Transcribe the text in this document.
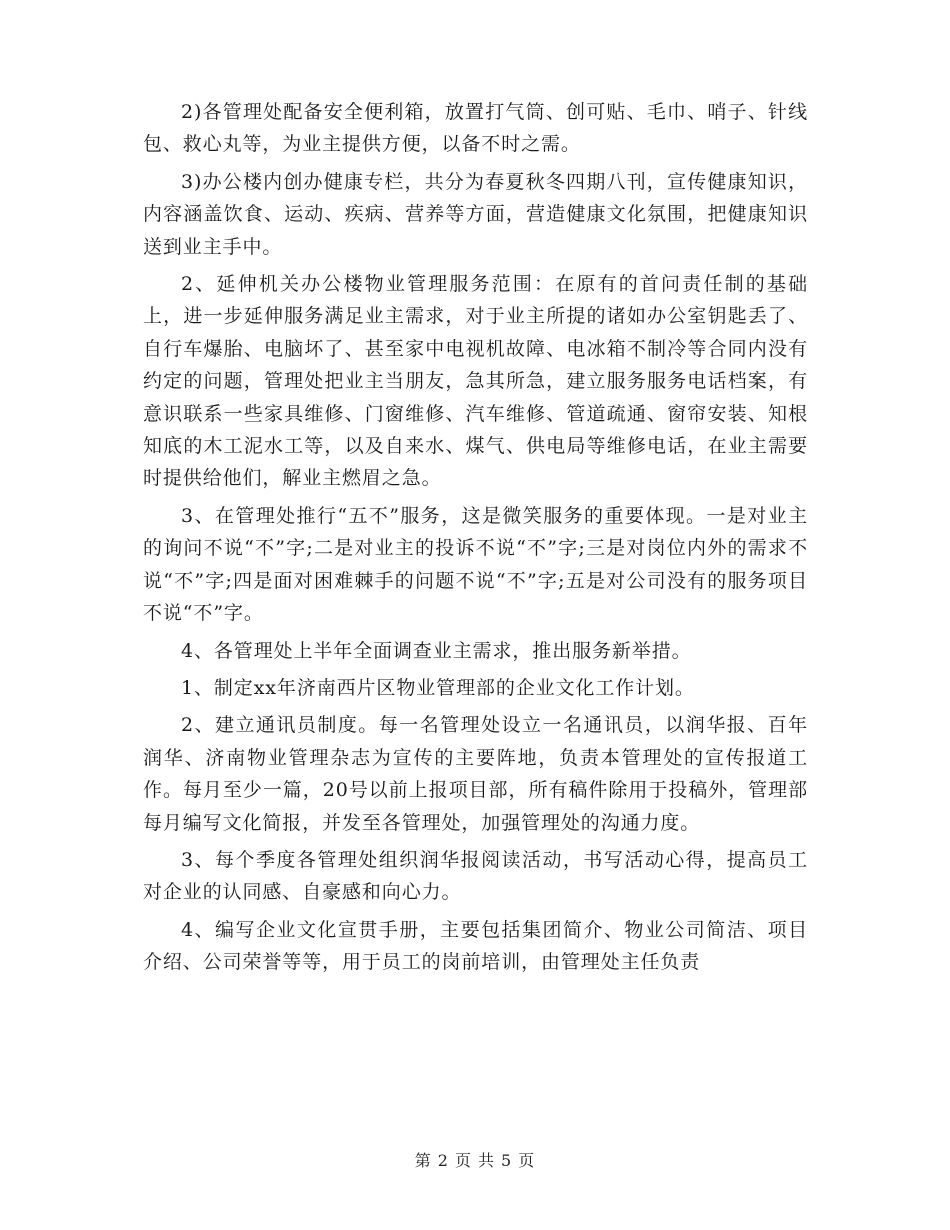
2)各管理处配备安全便利箱，放置打气筒、创可贴、毛巾、哨子、针线包、救心丸等，为业主提供方便，以备不时之需。

3)办公楼内创办健康专栏，共分为春夏秋冬四期八刊，宣传健康知识，内容涵盖饮食、运动、疾病、营养等方面，营造健康文化氛围，把健康知识送到业主手中。

2、延伸机关办公楼物业管理服务范围：在原有的首问责任制的基础上，进一步延伸服务满足业主需求，对于业主所提的诸如办公室钥匙丢了、自行车爆胎、电脑坏了、甚至家中电视机故障、电冰箱不制冷等合同内没有约定的问题，管理处把业主当朋友，急其所急，建立服务服务电话档案，有意识联系一些家具维修、门窗维修、汽车维修、管道疏通、窗帘安装、知根知底的木工泥水工等，以及自来水、煤气、供电局等维修电话，在业主需要时提供给他们，解业主燃眉之急。

3、在管理处推行“五不”服务，这是微笑服务的重要体现。一是对业主的询问不说“不”字;二是对业主的投诉不说“不”字;三是对岗位内外的需求不说“不”字;四是面对困难棘手的问题不说“不”字;五是对公司没有的服务项目不说“不”字。

4、各管理处上半年全面调查业主需求，推出服务新举措。

1、制定xx年济南西片区物业管理部的企业文化工作计划。

2、建立通讯员制度。每一名管理处设立一名通讯员，以润华报、百年润华、济南物业管理杂志为宣传的主要阵地，负责本管理处的宣传报道工作。每月至少一篇，20号以前上报项目部，所有稿件除用于投稿外，管理部每月编写文化简报，并发至各管理处，加强管理处的沟通力度。

3、每个季度各管理处组织润华报阅读活动，书写活动心得，提高员工对企业的认同感、自豪感和向心力。

4、编写企业文化宣贯手册，主要包括集团简介、物业公司简洁、项目介绍、公司荣誉等等，用于员工的岗前培训，由管理处主任负责

第 2 页 共 5 页
